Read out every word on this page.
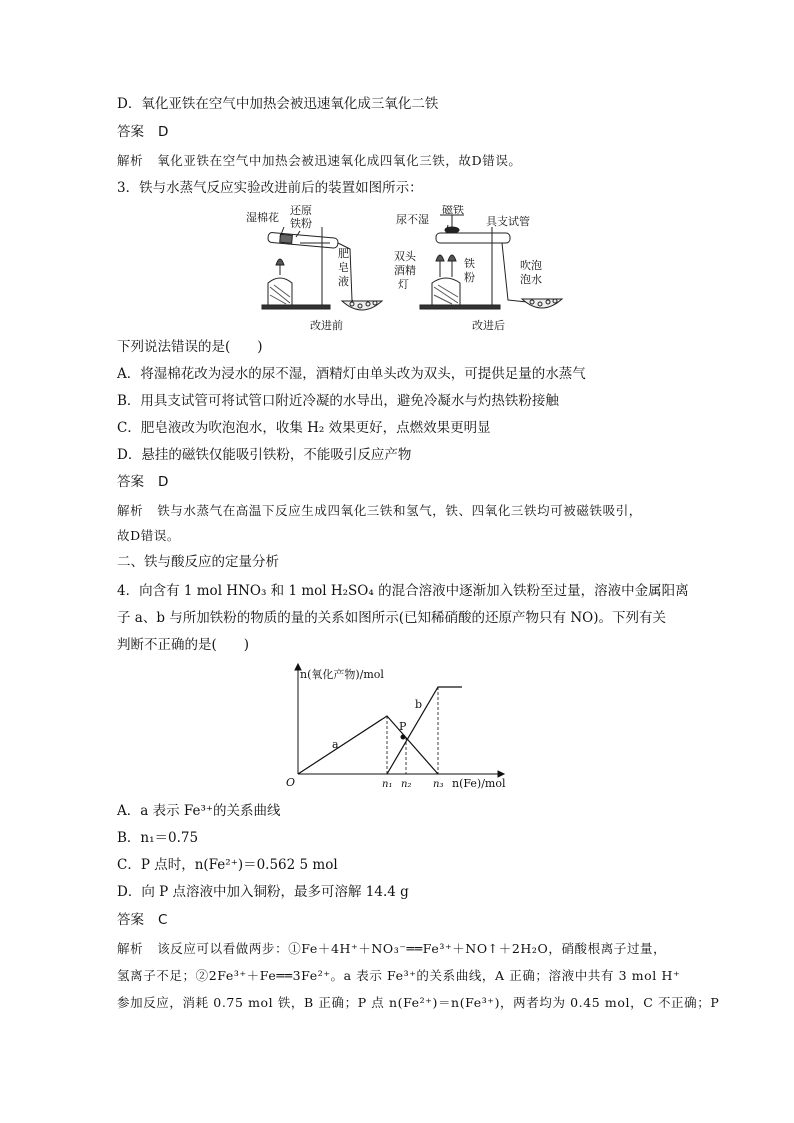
D．氧化亚铁在空气中加热会被迅速氧化成三氧化二铁
答案 D
解析 氧化亚铁在空气中加热会被迅速氧化成四氧化三铁，故D错误。
3．铁与水蒸气反应实验改进前后的装置如图所示：
湿棉花
还原
铁粉
肥
皂
液
改进前
尿不湿
磁铁
具支试管
双头
酒精
灯
铁
粉
吹泡
泡水
改进后
下列说法错误的是(　　)
A．将湿棉花改为浸水的尿不湿，酒精灯由单头改为双头，可提供足量的水蒸气
B．用具支试管可将试管口附近冷凝的水导出，避免冷凝水与灼热铁粉接触
C．肥皂液改为吹泡泡水，收集 H₂ 效果更好，点燃效果更明显
D．悬挂的磁铁仅能吸引铁粉，不能吸引反应产物
答案 D
解析 铁与水蒸气在高温下反应生成四氧化三铁和氢气，铁、四氧化三铁均可被磁铁吸引，
故D错误。
二、铁与酸反应的定量分析
4．向含有 1 mol HNO₃ 和 1 mol H₂SO₄ 的混合溶液中逐渐加入铁粉至过量，溶液中金属阳离
子 a、b 与所加铁粉的物质的量的关系如图所示(已知稀硝酸的还原产物只有 NO)。下列有关
判断不正确的是(　　)
n(氧化产物)/mol
n(Fe)/mol
O
a
b
P
n₁ n₂ n₃
A．a 表示 Fe³⁺的关系曲线
B．n₁＝0.75
C．P 点时，n(Fe²⁺)＝0.562 5 mol
D．向 P 点溶液中加入铜粉，最多可溶解 14.4 g
答案 C
解析 该反应可以看做两步：①Fe＋4H⁺＋NO₃⁻══Fe³⁺＋NO↑＋2H₂O，硝酸根离子过量，
氢离子不足；②2Fe³⁺＋Fe══3Fe²⁺。a 表示 Fe³⁺的关系曲线，A 正确；溶液中共有 3 mol H⁺
参加反应，消耗 0.75 mol 铁，B 正确；P 点 n(Fe²⁺)＝n(Fe³⁺)，两者均为 0.45 mol，C 不正确；P
